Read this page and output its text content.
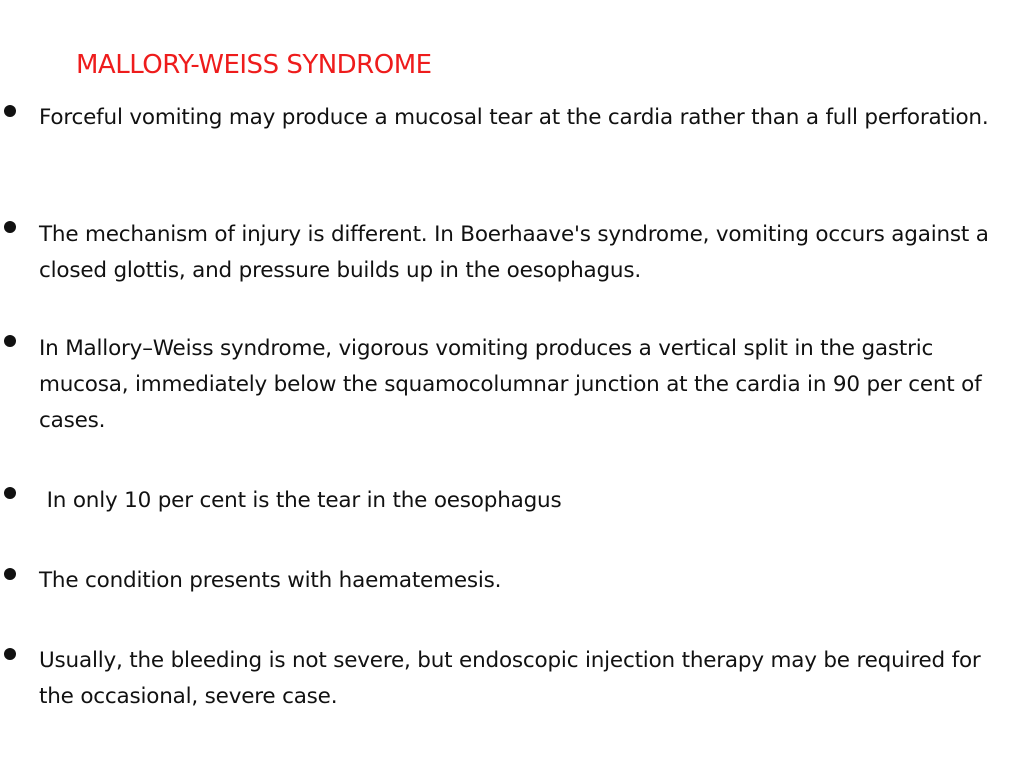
MALLORY-WEISS SYNDROME

Forceful vomiting may produce a mucosal tear at the cardia rather than a full perforation.

The mechanism of injury is different. In Boerhaave's syndrome, vomiting occurs against a closed glottis, and pressure builds up in the oesophagus.

In Mallory–Weiss syndrome, vigorous vomiting produces a vertical split in the gastric mucosa, immediately below the squamocolumnar junction at the cardia in 90 per cent of cases.

In only 10 per cent is the tear in the oesophagus

The condition presents with haematemesis.

Usually, the bleeding is not severe, but endoscopic injection therapy may be required for the occasional, severe case.
